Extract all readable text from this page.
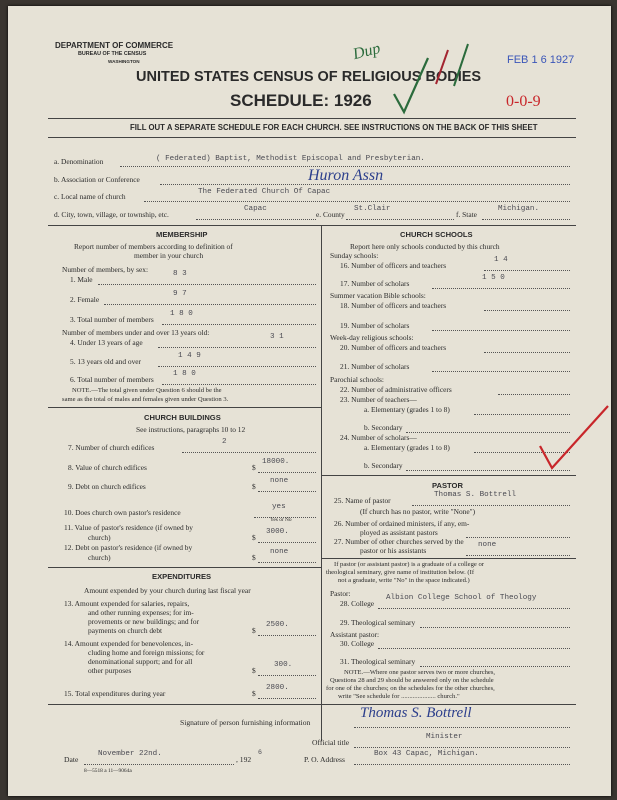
DEPARTMENT OF COMMERCE
BUREAU OF THE CENSUS
WASHINGTON
UNITED STATES CENSUS OF RELIGIOUS BODIES
SCHEDULE: 1926
FEB 1 6 1927
0-0-9
Dup
FILL OUT A SEPARATE SCHEDULE FOR EACH CHURCH. SEE INSTRUCTIONS ON THE BACK OF THIS SHEET
a. Denomination	( Federated) Baptist, Methodist Episcopal and Presbyterian.
b. Association or Conference	Huron Assn
c. Local name of church	The Federated Church Of Capac
d. City, town, village, or township, etc.
Capac
e. County
St.Clair
f. State
Michigan.
MEMBERSHIP
Report number of members according to definition of
member in your church
Number of members, by sex:
1. Male
8 3
2. Female
9 7
3. Total number of members
1 8 0
Number of members under and over 13 years old:
4. Under 13 years of age
3 1
5. 13 years old and over
1 4 9
6. Total number of members
1 8 0
NOTE.—The total given under Question 6 should be the
same as the total of males and females given under Question 3.
CHURCH BUILDINGS
See instructions, paragraphs 10 to 12
7. Number of church edifices
2
8. Value of church edifices	$
18000.
9. Debt on church edifices	$
none
10. Does church own pastor's residence
yes
Yes or No
11. Value of pastor's residence (if owned by
church)	$
3000.
12. Debt on pastor's residence (if owned by
church)	$
none
EXPENDITURES
Amount expended by your church during last fiscal year
13. Amount expended for salaries, repairs,
and other running expenses; for im-
provements or new buildings; and for
payments on church debt	$
2500.
14. Amount expended for benevolences, in-
cluding home and foreign missions; for
denominational support; and for all
other purposes	$
300.
15. Total expenditures during year	$
2800.
CHURCH SCHOOLS
Report here only schools conducted by this church
Sunday schools:
16. Number of officers and teachers
1 4
17. Number of scholars
1 5 0
Summer vacation Bible schools:
18. Number of officers and teachers
19. Number of scholars
Week-day religious schools:
20. Number of officers and teachers
21. Number of scholars
Parochial schools:
22. Number of administrative officers
23. Number of teachers—
a. Elementary (grades 1 to 8)
b. Secondary
24. Number of scholars—
a. Elementary (grades 1 to 8)
b. Secondary
PASTOR
25. Name of pastor
Thomas S. Bottrell
(If church has no pastor, write "None")
26. Number of ordained ministers, if any, em-
ployed as assistant pastors
27. Number of other churches served by the
pastor or his assistants
none
If pastor (or assistant pastor) is a graduate of a college or
theological seminary, give name of institution below. (If
not a graduate, write "No" in the space indicated.)
Pastor:
28. College
Albion College School of Theology
29. Theological seminary
Assistant pastor:
30. College
31. Theological seminary
NOTE.—Where one pastor serves two or more churches,
Questions 28 and 29 should be answered only on the schedule
for one of the churches; on the schedules for the other churches,
write "See schedule for ..................... church."
Signature of person furnishing information
Thomas S. Bottrell
Official title
Minister
Date
November 22nd.
, 192
6
P. O. Address
Box 43 Capac, Michigan.
8—5518 a 11—9064a
